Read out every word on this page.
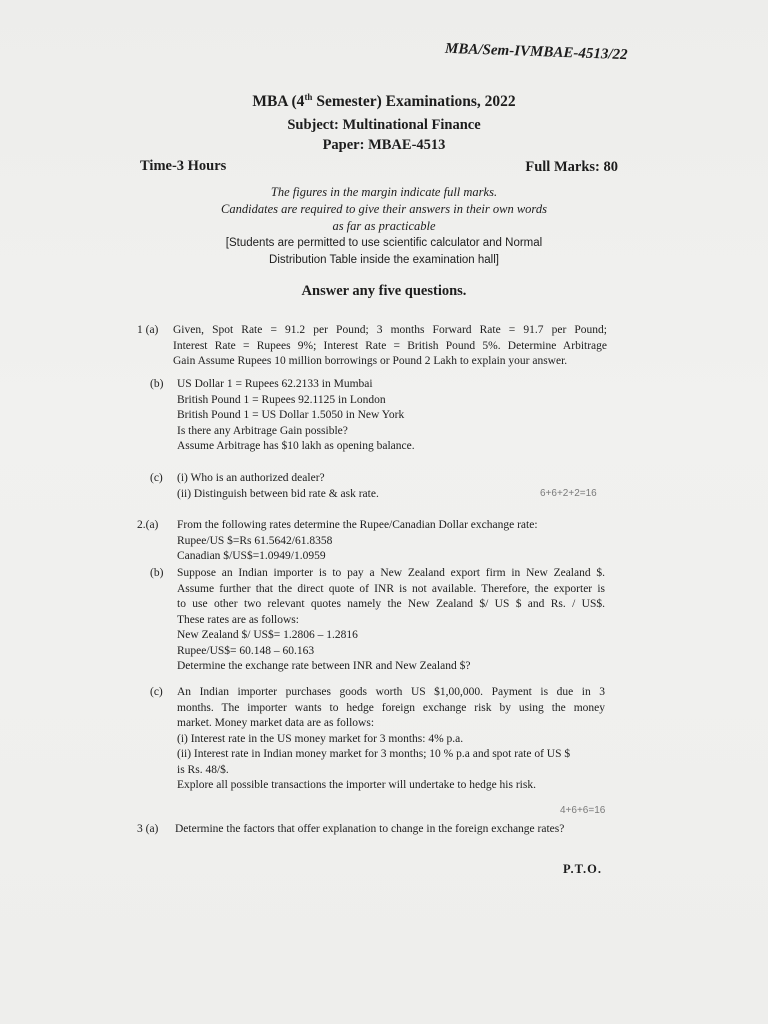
MBA/Sem-IVMBAE-4513/22
MBA (4th Semester) Examinations, 2022
Subject: Multinational Finance
Paper: MBAE-4513
Time-3 Hours	Full Marks: 80
The figures in the margin indicate full marks.
Candidates are required to give their answers in their own words
as far as practicable
[Students are permitted to use scientific calculator and Normal
Distribution Table inside the examination hall]
Answer any five questions.
1 (a) Given, Spot Rate = 91.2 per Pound; 3 months Forward Rate = 91.7 per Pound;

Interest Rate = Rupees 9%; Interest Rate = British Pound 5%. Determine Arbitrage

Gain Assume Rupees 10 million borrowings or Pound 2 Lakh to explain your answer.

(b) US Dollar 1 = Rupees 62.2133 in Mumbai

British Pound 1 = Rupees 92.1125 in London

British Pound 1 = US Dollar 1.5050 in New York

Is there any Arbitrage Gain possible?

Assume Arbitrage has $10 lakh as opening balance.

(c) (i) Who is an authorized dealer?

(ii) Distinguish between bid rate & ask rate.	6+6+2+2=16
2.(a) From the following rates determine the Rupee/Canadian Dollar exchange rate:

Rupee/US $=Rs 61.5642/61.8358

Canadian $/US$=1.0949/1.0959

(b) Suppose an Indian importer is to pay a New Zealand export firm in New Zealand $.

Assume further that the direct quote of INR is not available. Therefore, the exporter is

to use other two relevant quotes namely the New Zealand $/ US $ and Rs. / US$.

These rates are as follows:

New Zealand $/ US$= 1.2806 – 1.2816

Rupee/US$= 60.148 – 60.163

Determine the exchange rate between INR and New Zealand $?

(c) An Indian importer purchases goods worth US $1,00,000. Payment is due in 3

months. The importer wants to hedge foreign exchange risk by using the money

market. Money market data are as follows:

(i) Interest rate in the US money market for 3 months: 4% p.a.

(ii) Interest rate in Indian money market for 3 months; 10 % p.a and spot rate of US $

is Rs. 48/$.

Explore all possible transactions the importer will undertake to hedge his risk.

4+6+6=16
3 (a) Determine the factors that offer explanation to change in the foreign exchange rates?

P.T.O.
